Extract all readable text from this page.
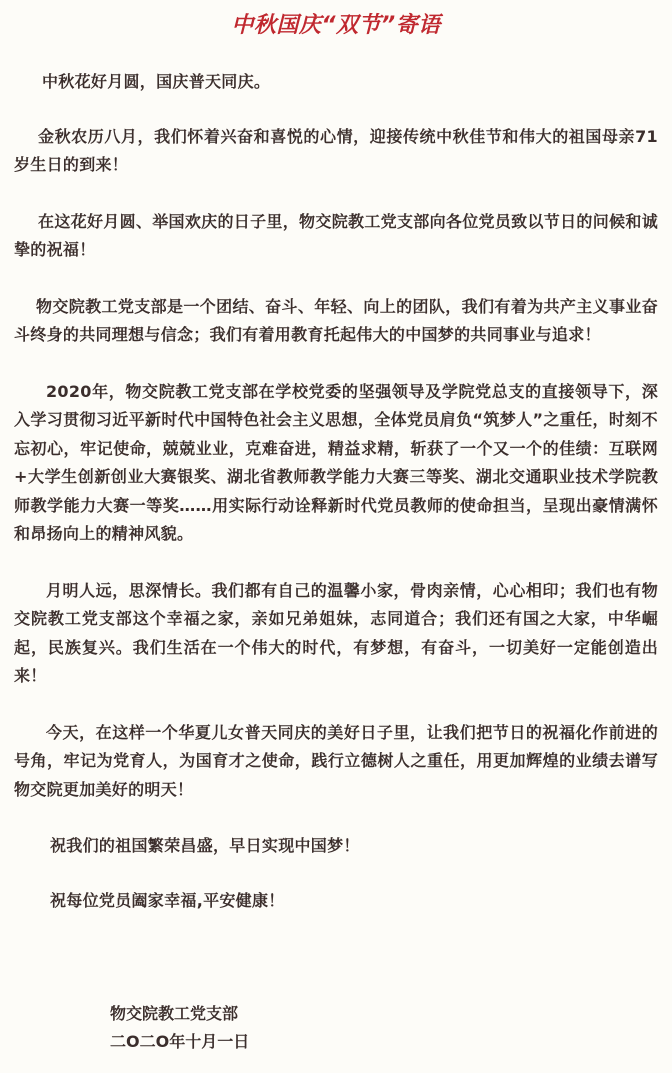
中秋国庆“双节”寄语

中秋花好月圆，国庆普天同庆。

金秋农历八月，我们怀着兴奋和喜悦的心情，迎接传统中秋佳节和伟大的祖国母亲71岁生日的到来！

在这花好月圆、举国欢庆的日子里，物交院教工党支部向各位党员致以节日的问候和诚挚的祝福！

物交院教工党支部是一个团结、奋斗、年轻、向上的团队，我们有着为共产主义事业奋斗终身的共同理想与信念；我们有着用教育托起伟大的中国梦的共同事业与追求！

2020年，物交院教工党支部在学校党委的坚强领导及学院党总支的直接领导下，深入学习贯彻习近平新时代中国特色社会主义思想，全体党员肩负“筑梦人”之重任，时刻不忘初心，牢记使命，兢兢业业，克难奋进，精益求精，斩获了一个又一个的佳绩：互联网+大学生创新创业大赛银奖、湖北省教师教学能力大赛三等奖、湖北交通职业技术学院教师教学能力大赛一等奖……用实际行动诠释新时代党员教师的使命担当，呈现出豪情满怀和昂扬向上的精神风貌。

月明人远，思深情长。我们都有自己的温馨小家，骨肉亲情，心心相印；我们也有物交院教工党支部这个幸福之家，亲如兄弟姐妹，志同道合；我们还有国之大家，中华崛起，民族复兴。我们生活在一个伟大的时代，有梦想，有奋斗，一切美好一定能创造出来！

今天，在这样一个华夏儿女普天同庆的美好日子里，让我们把节日的祝福化作前进的号角，牢记为党育人，为国育才之使命，践行立德树人之重任，用更加辉煌的业绩去谱写物交院更加美好的明天！

祝我们的祖国繁荣昌盛，早日实现中国梦！

祝每位党员阖家幸福,平安健康！

物交院教工党支部
二O二O年十月一日
